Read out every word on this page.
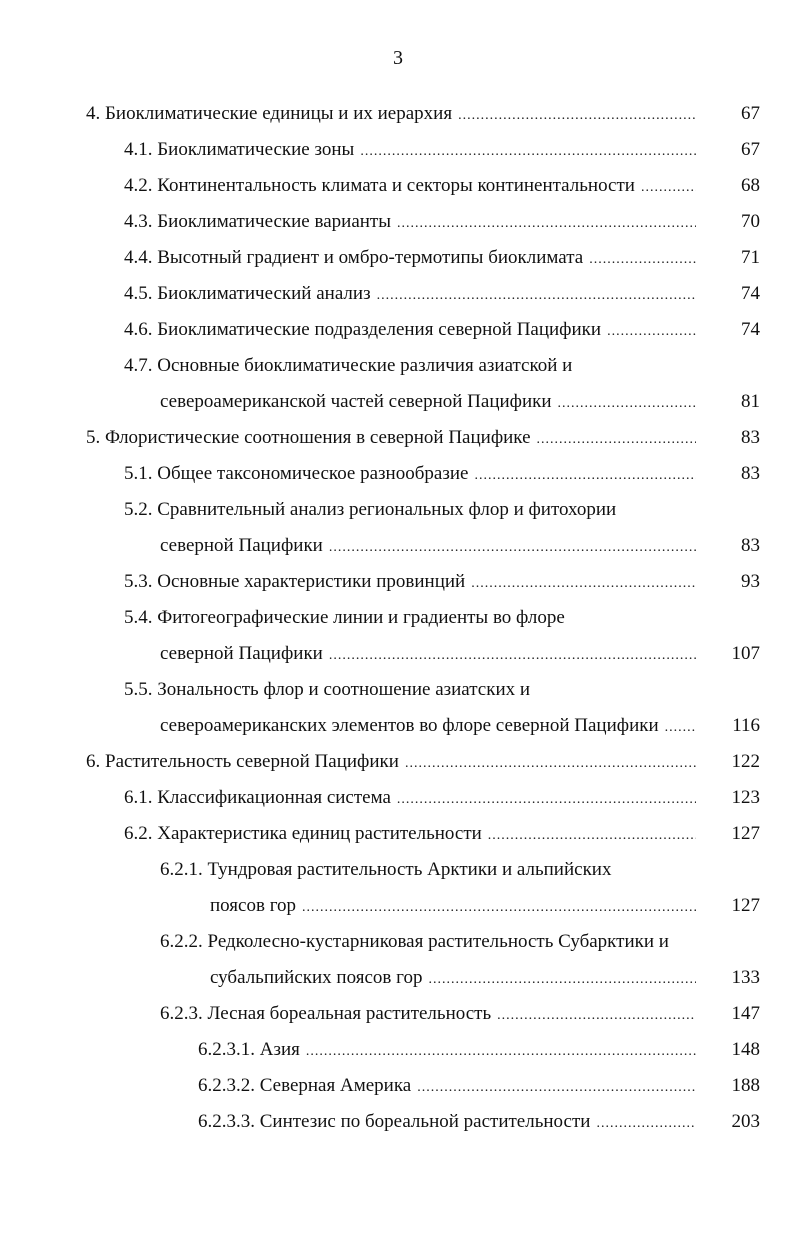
3
4. Биоклиматические единицы и их иерархия .....	67
4.1. Биоклиматические зоны .....	67
4.2. Континентальность климата и секторы континентальности .....	68
4.3. Биоклиматические варианты .....	70
4.4. Высотный градиент и омбро-термотипы биоклимата .....	71
4.5. Биоклиматический анализ .....	74
4.6. Биоклиматические подразделения северной Пацифики .....	74
4.7. Основные биоклиматические различия азиатской и
североамериканской частей северной Пацифики .....	81
5. Флористические соотношения в северной Пацифике .....	83
5.1. Общее таксономическое разнообразие .....	83
5.2. Сравнительный анализ региональных флор и фитохории
северной Пацифики .....	83
5.3. Основные характеристики провинций .....	93
5.4. Фитогеографические линии и градиенты во флоре
северной Пацифики .....	107
5.5. Зональность флор и соотношение азиатских и
североамериканских элементов во флоре северной Пацифики .....	116
6. Растительность северной Пацифики .....	122
6.1. Классификационная система .....	123
6.2. Характеристика единиц растительности .....	127
6.2.1. Тундровая растительность Арктики и альпийских
поясов гор .....	127
6.2.2. Редколесно-кустарниковая растительность Субарктики и
субальпийских поясов гор .....	133
6.2.3. Лесная бореальная растительность .....	147
6.2.3.1. Азия .....	148
6.2.3.2. Северная Америка .....	188
6.2.3.3. Синтезис по бореальной растительности .....	203
